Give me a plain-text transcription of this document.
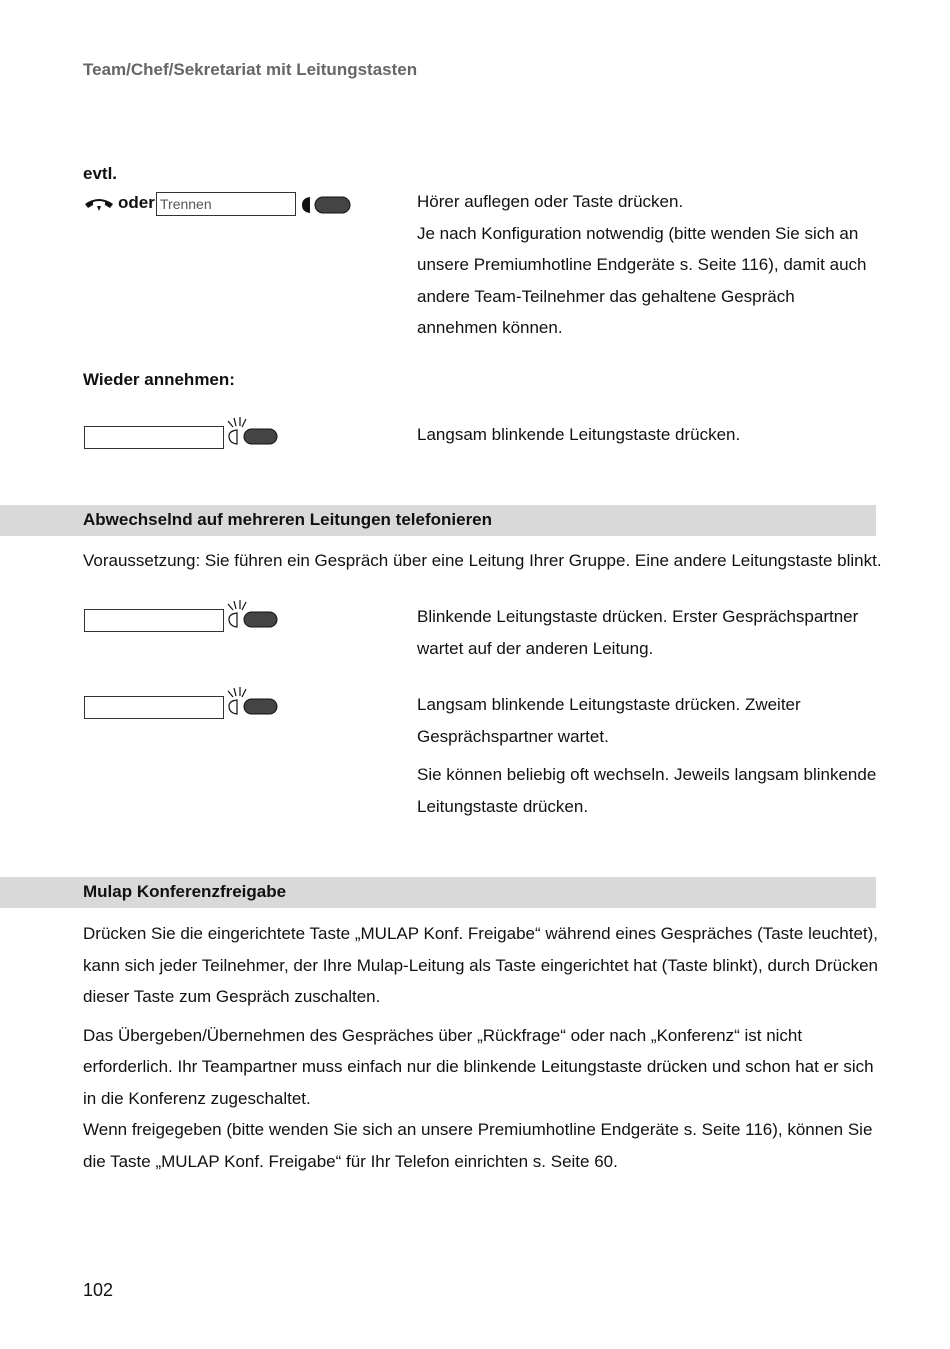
Team/Chef/Sekretariat mit Leitungstasten
evtl.
oder Trennen	Hörer auflegen oder Taste drücken.
Je nach Konfiguration notwendig (bitte wenden Sie sich an unsere Premiumhotline Endgeräte s. Seite 116), damit auch andere Team-Teilnehmer das gehaltene Gespräch annehmen können.
Wieder annehmen:
Langsam blinkende Leitungstaste drücken.
Abwechselnd auf mehreren Leitungen telefonieren
Voraussetzung: Sie führen ein Gespräch über eine Leitung Ihrer Gruppe. Eine andere Leitungstaste blinkt.
Blinkende Leitungstaste drücken. Erster Gesprächspartner wartet auf der anderen Leitung.
Langsam blinkende Leitungstaste drücken. Zweiter Gesprächspartner wartet.
Sie können beliebig oft wechseln. Jeweils langsam blinkende Leitungstaste drücken.
Mulap Konferenzfreigabe

Drücken Sie die eingerichtete Taste „MULAP Konf. Freigabe“ während eines Gespräches (Taste leuchtet), kann sich jeder Teilnehmer, der Ihre Mulap-Leitung als Taste eingerichtet hat (Taste blinkt), durch Drücken dieser Taste zum Gespräch zuschalten.

Das Übergeben/Übernehmen des Gespräches über „Rückfrage“ oder nach „Konferenz“ ist nicht erforderlich. Ihr Teampartner muss einfach nur die blinkende Leitungstaste drücken und schon hat er sich in die Konferenz zugeschaltet.

Wenn freigegeben (bitte wenden Sie sich an unsere Premiumhotline Endgeräte s. Seite 116), können Sie die Taste „MULAP Konf. Freigabe“ für Ihr Telefon einrichten s. Seite 60.

102
